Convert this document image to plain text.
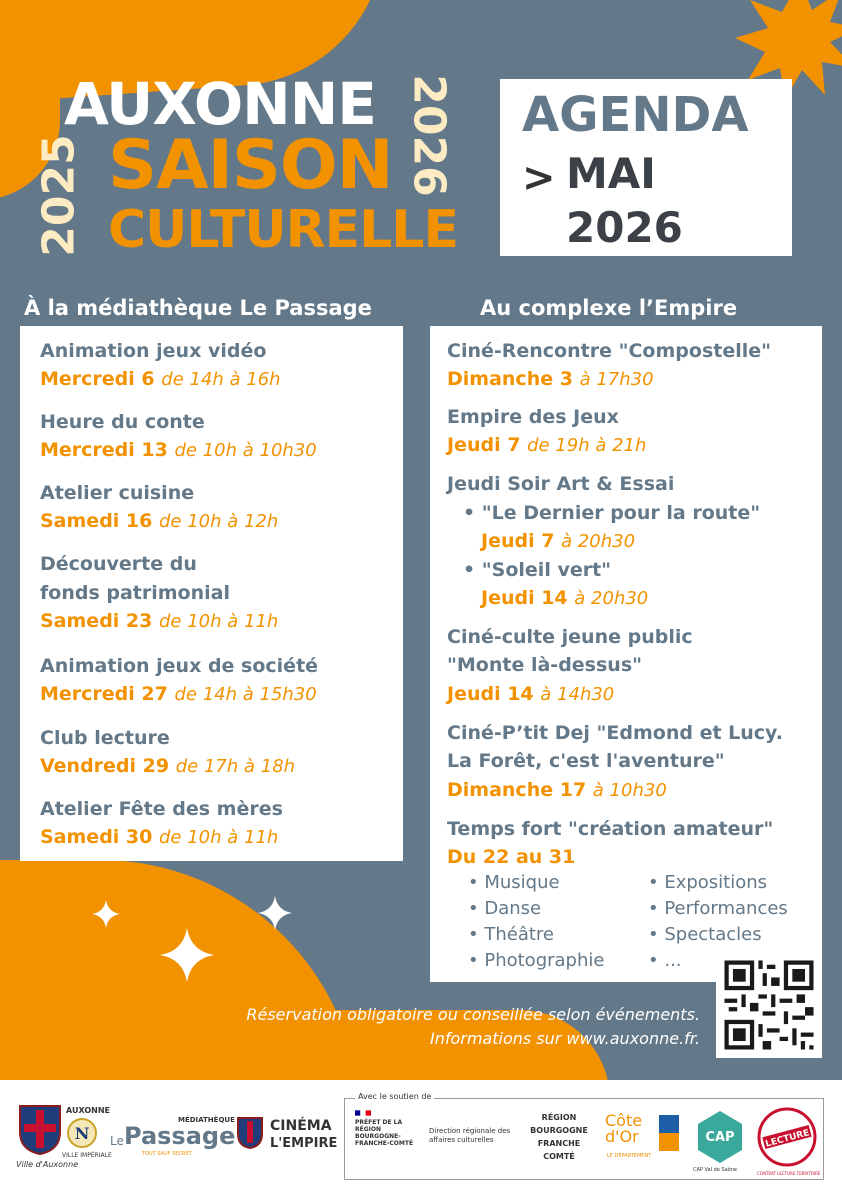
AUXONNE
SAISON
CULTURELLE
2025	2026 AGENDA
> MAI
2026
À la médiathèque Le Passage	Au complexe l’Empire
Animation jeux vidéo
Mercredi 6 de 14h à 16h
Heure du conte
Mercredi 13 de 10h à 10h30
Atelier cuisine
Samedi 16 de 10h à 12h
Découverte du
fonds patrimonial
Samedi 23 de 10h à 11h
Animation jeux de société
Mercredi 27 de 14h à 15h30
Club lecture
Vendredi 29 de 17h à 18h
Atelier Fête des mères
Samedi 30 de 10h à 11h
Ciné-Rencontre "Compostelle"
Dimanche 3 à 17h30
Empire des Jeux
Jeudi 7 de 19h à 21h
Jeudi Soir Art & Essai
• "Le Dernier pour la route"
Jeudi 7 à 20h30
• "Soleil vert"
Jeudi 14 à 20h30
Ciné-culte jeune public
"Monte là-dessus"
Jeudi 14 à 14h30
Ciné-P’tit Dej "Edmond et Lucy.
La Forêt, c'est l'aventure"
Dimanche 17 à 10h30
Temps fort "création amateur"
Du 22 au 31
• Musique
• Danse
• Théâtre
• Photographie
• Expositions
• Performances
• Spectacles
• ...
Réservation obligatoire ou conseillée selon événements.
Informations sur www.auxonne.fr.
Ville d'Auxonne
N
AUXONNE
VILLE IMPÉRIALE
MÉDIATHÈQUE
Le Passage
TOUT SAUF SECRET
CINÉMA
L'EMPIRE
Avec le soutien de
PRÉFET DE LA RÉGION BOURGOGNE-FRANCHE-COMTÉ
Direction régionale des affaires culturelles
RÉGION BOURGOGNE FRANCHE COMTÉ
Côte d'Or
LE DÉPARTEMENT
CAP
CAP Val de Saône
LECTURE
CONTRAT LECTURE TERRITOIRE
